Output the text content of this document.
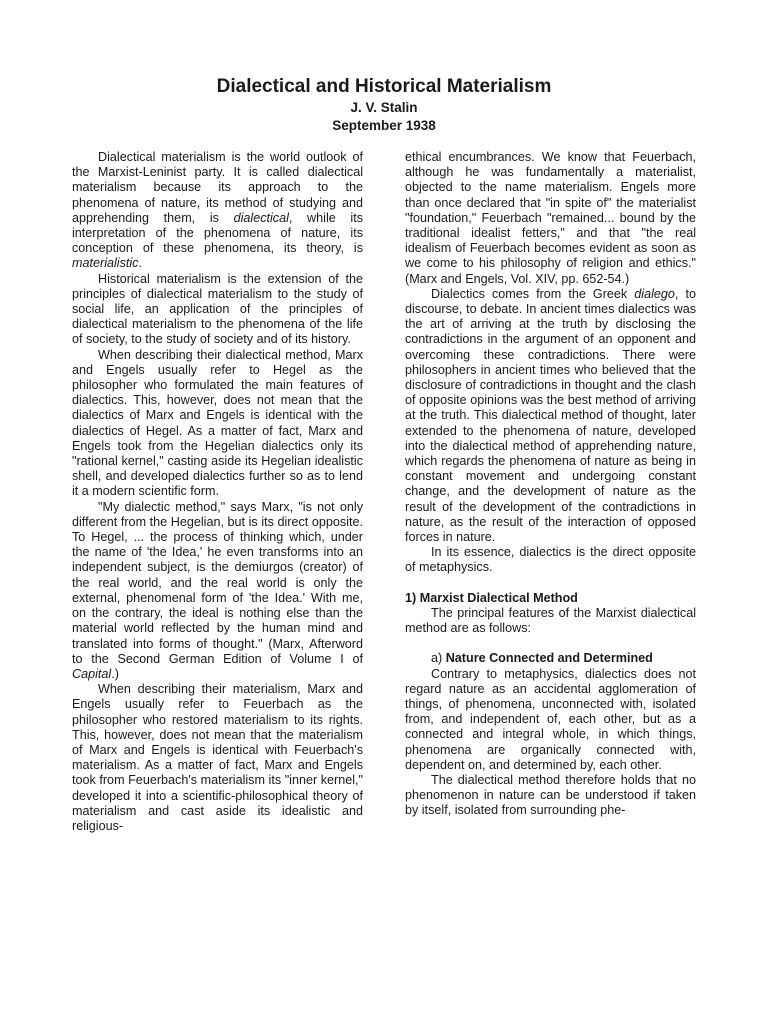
Dialectical and Historical Materialism
J. V. Stalin
September 1938

Dialectical materialism is the world outlook of the Marxist-Leninist party. It is called dialectical materialism because its approach to the phenomena of nature, its method of studying and apprehending them, is dialectical, while its interpretation of the phenomena of nature, its conception of these phenomena, its theory, is materialistic.

Historical materialism is the extension of the principles of dialectical materialism to the study of social life, an application of the principles of dialectical materialism to the phenomena of the life of society, to the study of society and of its history.

When describing their dialectical method, Marx and Engels usually refer to Hegel as the philosopher who formulated the main features of dialectics. This, however, does not mean that the dialectics of Marx and Engels is identical with the dialectics of Hegel. As a matter of fact, Marx and Engels took from the Hegelian dialectics only its "rational kernel," casting aside its Hegelian idealistic shell, and developed dialectics further so as to lend it a modern scientific form.

"My dialectic method," says Marx, "is not only different from the Hegelian, but is its direct opposite. To Hegel, ... the process of thinking which, under the name of 'the Idea,' he even transforms into an independent subject, is the demiurgos (creator) of the real world, and the real world is only the external, phenomenal form of 'the Idea.' With me, on the contrary, the ideal is nothing else than the material world reflected by the human mind and translated into forms of thought." (Marx, Afterword to the Second German Edition of Volume I of Capital.)

When describing their materialism, Marx and Engels usually refer to Feuerbach as the philosopher who restored materialism to its rights. This, however, does not mean that the materialism of Marx and Engels is identical with Feuerbach's materialism. As a matter of fact, Marx and Engels took from Feuerbach's materialism its "inner kernel," developed it into a scientific-philosophical theory of materialism and cast aside its idealistic and religious-

ethical encumbrances. We know that Feuerbach, although he was fundamentally a materialist, objected to the name materialism. Engels more than once declared that "in spite of" the materialist "foundation," Feuerbach "remained... bound by the traditional idealist fetters," and that "the real idealism of Feuerbach becomes evident as soon as we come to his philosophy of religion and ethics." (Marx and Engels, Vol. XIV, pp. 652-54.)

Dialectics comes from the Greek dialego, to discourse, to debate. In ancient times dialectics was the art of arriving at the truth by disclosing the contradictions in the argument of an opponent and overcoming these contradictions. There were philosophers in ancient times who believed that the disclosure of contradictions in thought and the clash of opposite opinions was the best method of arriving at the truth. This dialectical method of thought, later extended to the phenomena of nature, developed into the dialectical method of apprehending nature, which regards the phenomena of nature as being in constant movement and undergoing constant change, and the development of nature as the result of the development of the contradictions in nature, as the result of the interaction of opposed forces in nature.

In its essence, dialectics is the direct opposite of metaphysics.

1) Marxist Dialectical Method

The principal features of the Marxist dialectical method are as follows:

a) Nature Connected and Determined

Contrary to metaphysics, dialectics does not regard nature as an accidental agglomeration of things, of phenomena, unconnected with, isolated from, and independent of, each other, but as a connected and integral whole, in which things, phenomena are organically connected with, dependent on, and determined by, each other.

The dialectical method therefore holds that no phenomenon in nature can be understood if taken by itself, isolated from surrounding phe-
